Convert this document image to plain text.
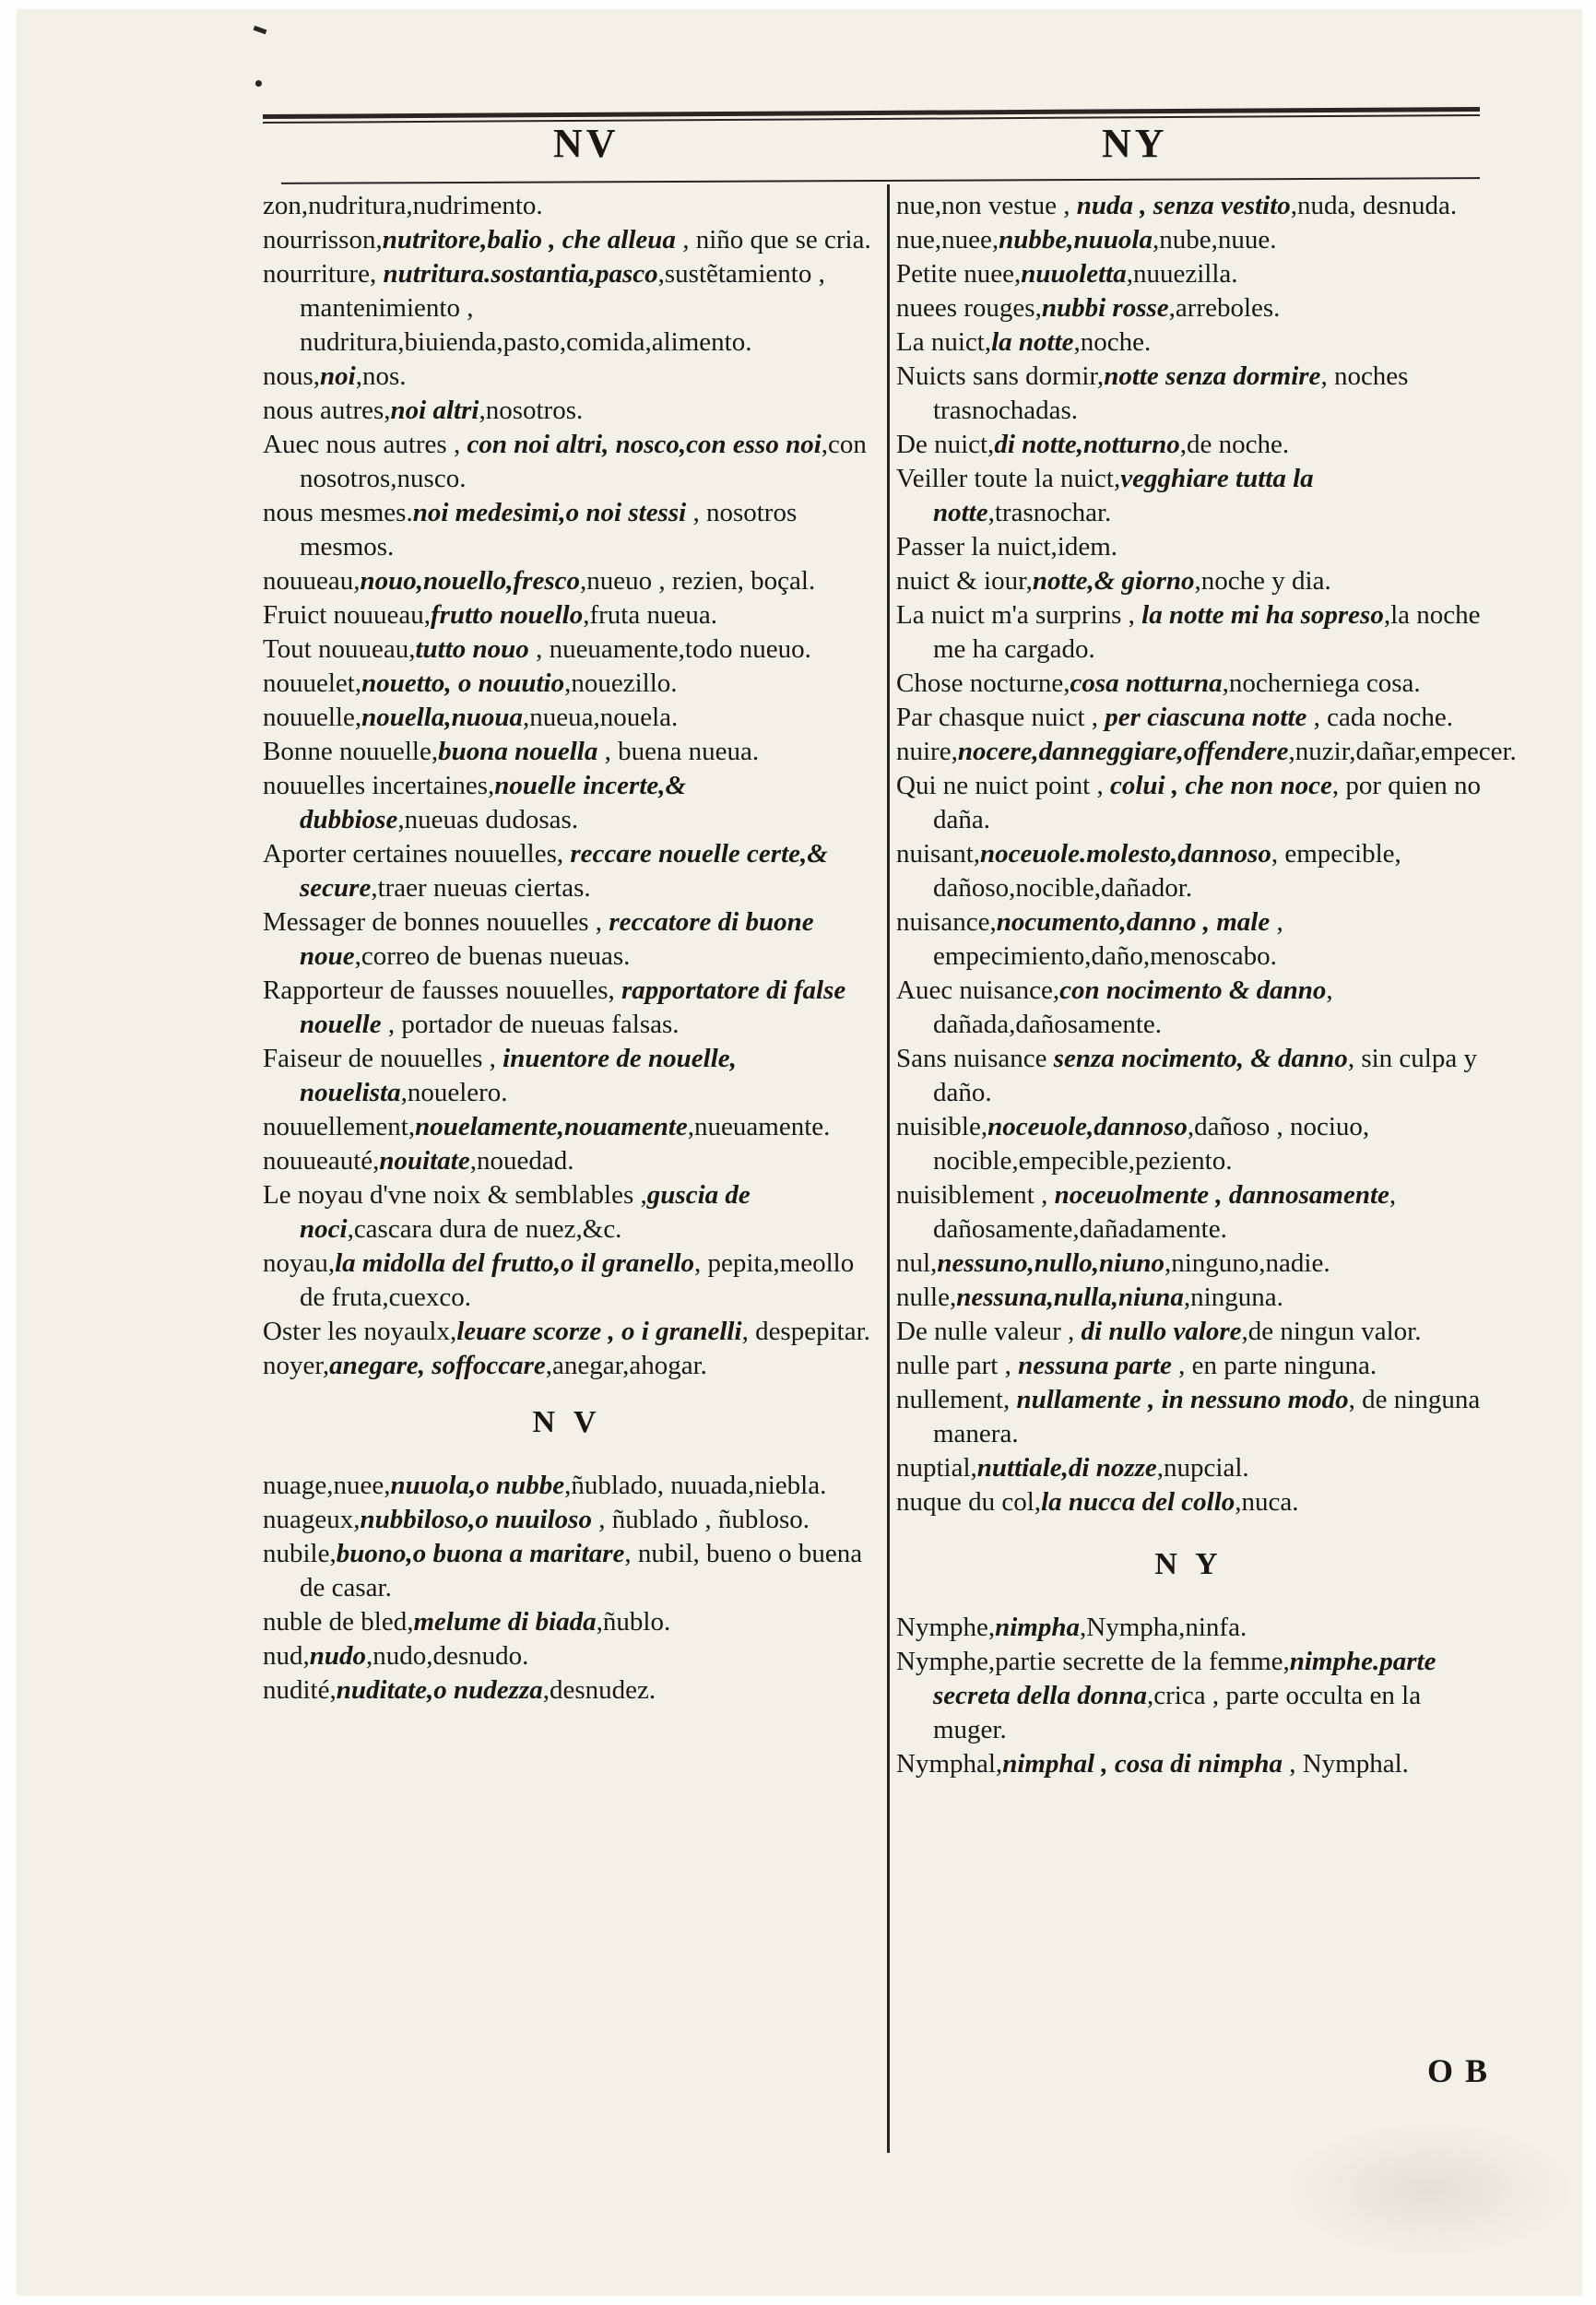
NV	NY

zon,nudritura,nudrimento.

nourrisson,nutritore,balio , che alleua , niño que se cria.

nourriture, nutritura.sostantia,pasco,sustẽtamiento , mantenimiento , nudritura,biuienda,pasto,comida,alimento.

nous,noi,nos.

nous autres,noi altri,nosotros.

Auec nous autres , con noi altri, nosco,con esso noi,con nosotros,nusco.

nous mesmes.noi medesimi,o noi stessi , nosotros mesmos.

nouueau,nouo,nouello,fresco,nueuo , rezien, boçal.

Fruict nouueau,frutto nouello,fruta nueua.

Tout nouueau,tutto nouo , nueuamente,todo nueuo.

nouuelet,nouetto, o nouutio,nouezillo.

nouuelle,nouella,nuoua,nueua,nouela.

Bonne nouuelle,buona nouella , buena nueua.

nouuelles incertaines,nouelle incerte,& dubbiose,nueuas dudosas.

Aporter certaines nouuelles, reccare nouelle certe,& secure,traer nueuas ciertas.

Messager de bonnes nouuelles , reccatore di buone noue,correo de buenas nueuas.

Rapporteur de fausses nouuelles, rapportatore di false nouelle , portador de nueuas falsas.

Faiseur de nouuelles , inuentore de nouelle, nouelista,nouelero.

nouuellement,nouelamente,nouamente,nueuamente.

nouueauté,nouitate,nouedad.

Le noyau d'vne noix & semblables ,guscia de noci,cascara dura de nuez,&c.

noyau,la midolla del frutto,o il granello, pepita,meollo de fruta,cuexco.

Oster les noyaulx,leuare scorze , o i granelli, despepitar.

noyer,anegare, soffoccare,anegar,ahogar.

N V

nuage,nuee,nuuola,o nubbe,ñublado, nuuada,niebla.

nuageux,nubbiloso,o nuuiloso , ñublado , ñubloso.

nubile,buono,o buona a maritare, nubil, bueno o buena de casar.

nuble de bled,melume di biada,ñublo.

nud,nudo,nudo,desnudo.

nudité,nuditate,o nudezza,desnudez.

nue,non vestue , nuda , senza vestito,nuda, desnuda.

nue,nuee,nubbe,nuuola,nube,nuue.

Petite nuee,nuuoletta,nuuezilla.

nuees rouges,nubbi rosse,arreboles.

La nuict,la notte,noche.

Nuicts sans dormir,notte senza dormire, noches trasnochadas.

De nuict,di notte,notturno,de noche.

Veiller toute la nuict,vegghiare tutta la notte,trasnochar.

Passer la nuict,idem.

nuict & iour,notte,& giorno,noche y dia.

La nuict m'a surprins , la notte mi ha sopreso,la noche me ha cargado.

Chose nocturne,cosa notturna,nocherniega cosa.

Par chasque nuict , per ciascuna notte , cada noche.

nuire,nocere,danneggiare,offendere,nuzir,dañar,empecer.

Qui ne nuict point , colui , che non noce, por quien no daña.

nuisant,noceuole.molesto,dannoso, empecible, dañoso,nocible,dañador.

nuisance,nocumento,danno , male , empecimiento,daño,menoscabo.

Auec nuisance,con nocimento & danno, dañada,dañosamente.

Sans nuisance senza nocimento, & danno, sin culpa y daño.

nuisible,noceuole,dannoso,dañoso , nociuo, nocible,empecible,peziento.

nuisiblement , noceuolmente , dannosamente, dañosamente,dañadamente.

nul,nessuno,nullo,niuno,ninguno,nadie.

nulle,nessuna,nulla,niuna,ninguna.

De nulle valeur , di nullo valore,de ningun valor.

nulle part , nessuna parte , en parte ninguna.

nullement, nullamente , in nessuno modo, de ninguna manera.

nuptial,nuttiale,di nozze,nupcial.

nuque du col,la nucca del collo,nuca.

N Y

Nymphe,nimpha,Nympha,ninfa.

Nymphe,partie secrette de la femme,nimphe.parte secreta della donna,crica , parte occulta en la muger.

Nymphal,nimphal , cosa di nimpha , Nymphal.

O B
